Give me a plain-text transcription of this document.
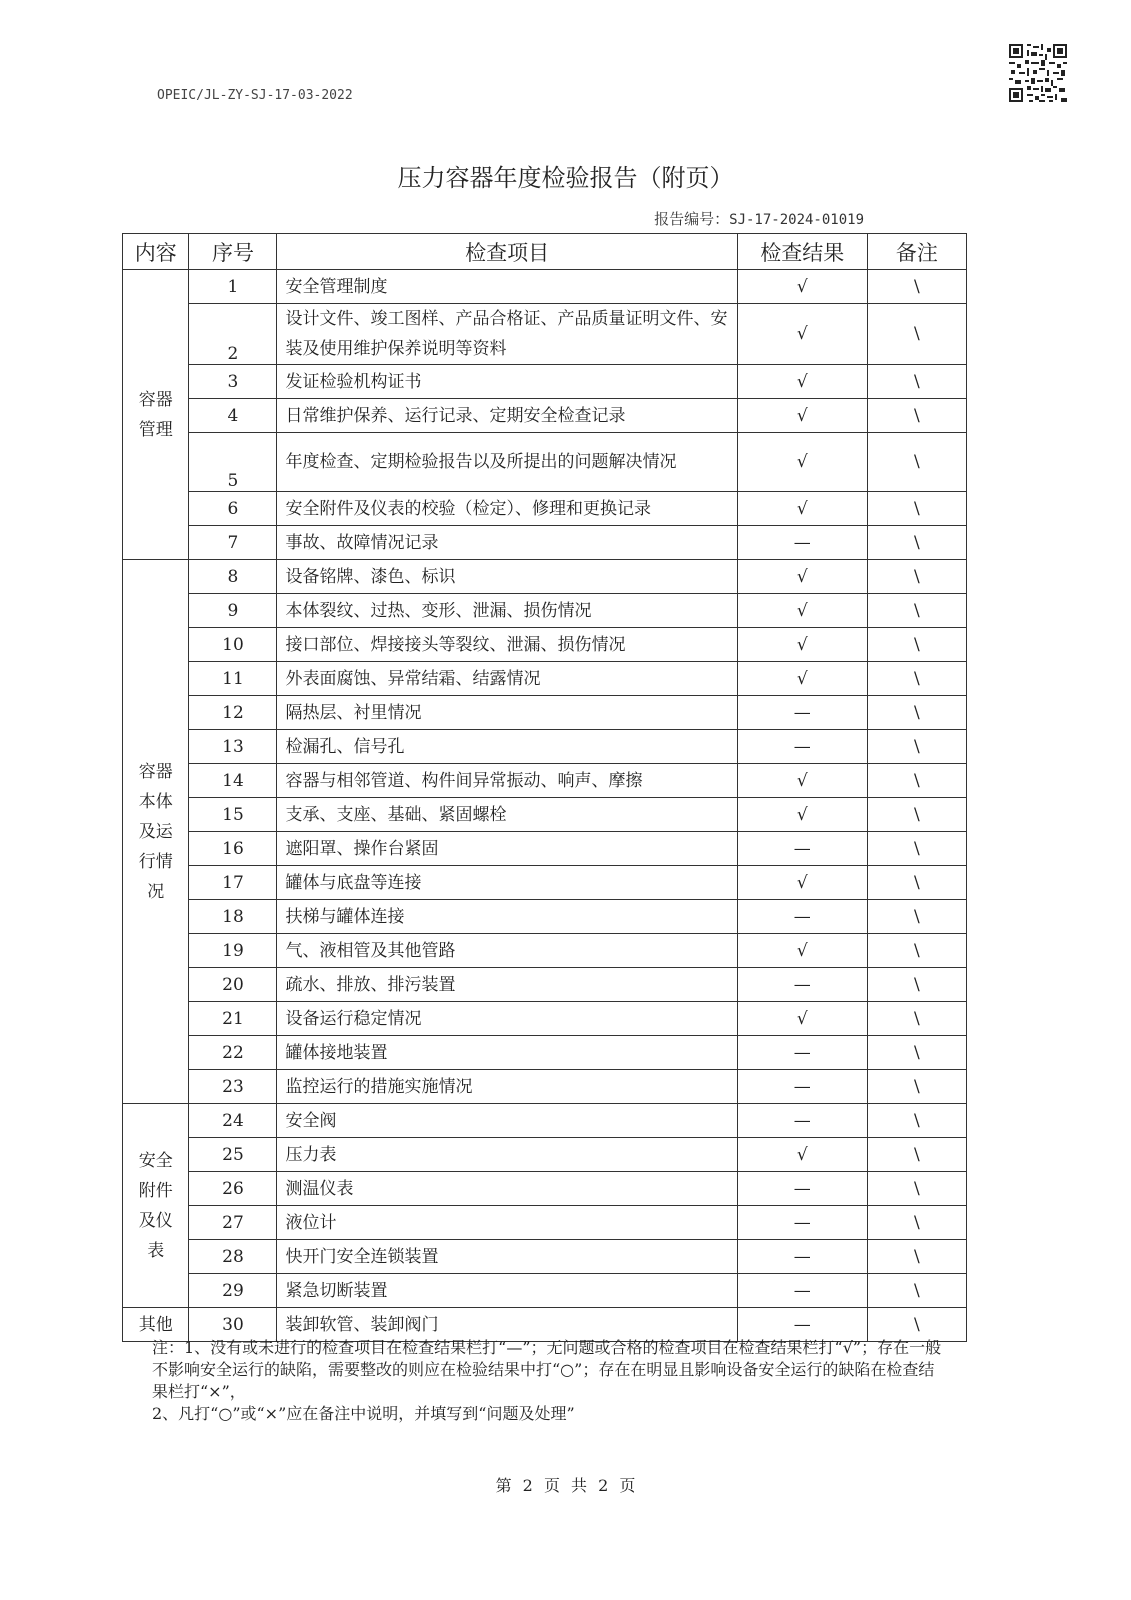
OPEIC/JL-ZY-SJ-17-03-2022
压力容器年度检验报告（附页）
报告编号：SJ-17-2024-01019
内容	序号	检查项目	检查结果	备注

容器管理	1	安全管理制度	√	\
	2	设计文件、竣工图样、产品合格证、产品质量证明文件、安装及使用维护保养说明等资料	√	\
	3	发证检验机构证书	√	\
	4	日常维护保养、运行记录、定期安全检查记录	√	\
	5	年度检查、定期检验报告以及所提出的问题解决情况	√	\
	6	安全附件及仪表的校验（检定）、修理和更换记录	√	\
	7	事故、故障情况记录	—	\

容器本体及运行情况	8	设备铭牌、漆色、标识	√	\
	9	本体裂纹、过热、变形、泄漏、损伤情况	√	\
	10	接口部位、焊接接头等裂纹、泄漏、损伤情况	√	\
	11	外表面腐蚀、异常结霜、结露情况	√	\
	12	隔热层、衬里情况	—	\
	13	检漏孔、信号孔	—	\
	14	容器与相邻管道、构件间异常振动、响声、摩擦	√	\
	15	支承、支座、基础、紧固螺栓	√	\
	16	遮阳罩、操作台紧固	—	\
	17	罐体与底盘等连接	√	\
	18	扶梯与罐体连接	—	\
	19	气、液相管及其他管路	√	\
	20	疏水、排放、排污装置	—	\
	21	设备运行稳定情况	√	\
	22	罐体接地装置	—	\
	23	监控运行的措施实施情况	—	\

安全附件及仪表	24	安全阀	—	\
	25	压力表	√	\
	26	测温仪表	—	\
	27	液位计	—	\
	28	快开门安全连锁装置	—	\
	29	紧急切断装置	—	\

其他	30	装卸软管、装卸阀门	—	\
注：1、没有或未进行的检查项目在检查结果栏打“—”；无问题或合格的检查项目在检查结果栏打“√”；存在一般不影响安全运行的缺陷，需要整改的则应在检验结果中打“○”；存在在明显且影响设备安全运行的缺陷在检查结果栏打“×”，
2、凡打“○”或“×”应在备注中说明，并填写到“问题及处理”
第 2 页 共 2 页
